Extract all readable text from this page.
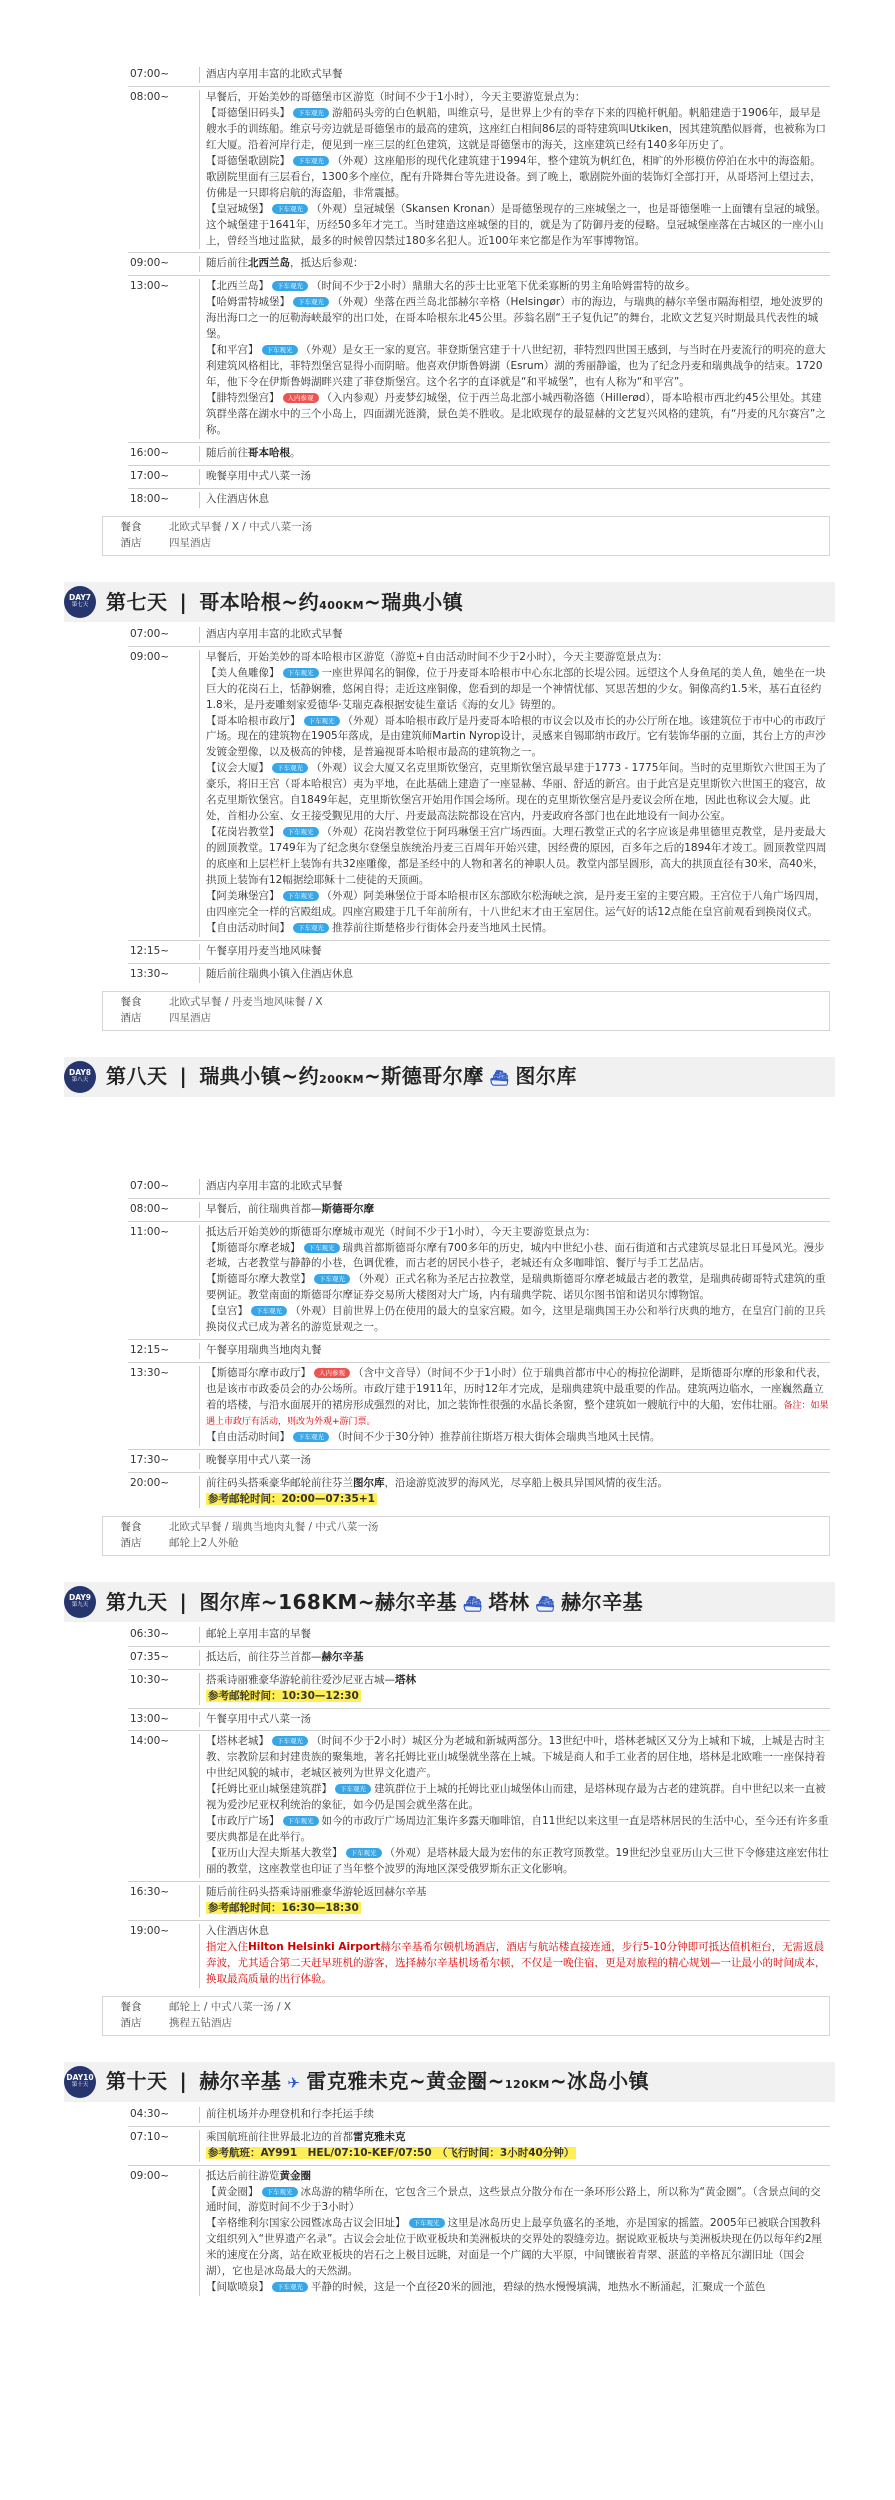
07:00~	酒店内享用丰富的北欧式早餐
08:00~	早餐后，开始美妙的哥德堡市区游览（时间不少于1小时），今天主要游览景点为：
【哥德堡旧码头】 下车观光 游船码头旁的白色帆船，叫维京号，是世界上少有的幸存下来的四桅杆帆船。帆船建造于1906年，最早是艘水手的训练船。维京号旁边就是哥德堡市的最高的建筑，这座红白相间86层的哥特建筑叫Utkiken，因其建筑酷似唇膏，也被称为口红大厦。沿着河岸行走，便见到一座三层的红色建筑，这就是哥德堡市的海关，这座建筑已经有140多年历史了。
【哥德堡歌剧院】 下车观光 （外观）这座船形的现代化建筑建于1994年，整个建筑为帆红色，相旷的外形模仿停泊在水中的海盗船。歌剧院里面有三层看台，1300多个座位，配有升降舞台等先进设备。到了晚上，歌剧院外面的装饰灯全部打开，从哥塔河上望过去，仿佛是一只即将启航的海盗船，非常震撼。
【皇冠城堡】 下车观光 （外观）皇冠城堡（Skansen Kronan）是哥德堡现存的三座城堡之一，也是哥德堡唯一上面镶有皇冠的城堡。这个城堡建于1641年，历经50多年才完工。当时建造这座城堡的目的，就是为了防御丹麦的侵略。皇冠城堡座落在古城区的一座小山上，曾经当地过监狱，最多的时候曾囚禁过180多名犯人。近100年来它都是作为军事博物馆。
09:00~	随后前往北西兰岛，抵达后参观：
13:00~	【北西兰岛】 下车观光 （时间不少于2小时）鼎鼎大名的莎士比亚笔下优柔寡断的男主角哈姆雷特的故乡。
【哈姆雷特城堡】 下车观光 （外观）坐落在西兰岛北部赫尔辛格（Helsingør）市的海边，与瑞典的赫尔辛堡市隔海相望，地处波罗的海出海口之一的厄勒海峡最窄的出口处，在哥本哈根东北45公里。莎翁名剧“王子复仇记”的舞台，北欧文艺复兴时期最具代表性的城堡。
【和平宫】 下车观光 （外观）是女王一家的夏宫。菲登斯堡宫建于十八世纪初，菲特烈四世国王感到，与当时在丹麦流行的明亮的意大利建筑风格相比，菲特烈堡宫显得小而阴暗。他喜欢伊斯鲁姆湖（Esrum）湖的秀丽静谧，也为了纪念丹麦和瑞典战争的结束。1720年，他下令在伊斯鲁姆湖畔兴建了菲登斯堡宫。这个名字的直译就是“和平城堡”，也有人称为“和平宫”。
【腓特烈堡宫】 入内参观 （入内参观）丹麦梦幻城堡，位于西兰岛北部小城西勒洛德（Hillerød），哥本哈根市西北约45公里处。其建筑群坐落在湖水中的三个小岛上，四面湖光涟漪，景色美不胜收。是北欧现存的最显赫的文艺复兴风格的建筑，有“丹麦的凡尔赛宫”之称。
16:00~	随后前往哥本哈根。
17:00~	晚餐享用中式八菜一汤
18:00~	入住酒店休息
餐食	北欧式早餐 / X / 中式八菜一汤
酒店	四星酒店
DAY7
第七天 第七天 | 哥本哈根~约400KM~瑞典小镇
07:00~	酒店内享用丰富的北欧式早餐
09:00~	早餐后，开始美妙的哥本哈根市区游览（游览+自由活动时间不少于2小时），今天主要游览景点为：
【美人鱼雕像】 下车观光 一座世界闻名的铜像，位于丹麦哥本哈根市中心东北部的长堤公园。远望这个人身鱼尾的美人鱼，她坐在一块巨大的花岗石上，恬静娴雅，悠闲自得；走近这座铜像，您看到的却是一个神情忧郁、冥思苦想的少女。铜像高约1.5米，基石直径约1.8米，是丹麦雕刻家爱德华·艾瑞克森根据安徒生童话《海的女儿》铸塑的。
【哥本哈根市政厅】 下车观光 （外观）哥本哈根市政厅是丹麦哥本哈根的市议会以及市长的办公厅所在地。该建筑位于市中心的市政厅广场。现在的建筑物在1905年落成，是由建筑师Martin Nyrop设计，灵感来自锡耶纳市政厅。它有装饰华丽的立面，其台上方的声沙发镀金塑像，以及极高的钟楼，是普遍视哥本哈根市最高的建筑物之一。
【议会大厦】 下车观光 （外观）议会大厦又名克里斯钦堡宫，克里斯钦堡宫最早建于1773 - 1775年间。当时的克里斯钦六世国王为了豪乐，将旧王宫（哥本哈根宫）夷为平地，在此基础上建造了一座显赫、华丽、舒适的新宫。由于此宫是克里斯钦六世国王的寝宫，故名克里斯钦堡宫。自1849年起，克里斯钦堡宫开始用作国会场所。现在的克里斯钦堡宫是丹麦议会所在地，因此也称议会大厦。此处，首相办公室、女王接受觐见用的大厅、丹麦最高法院都设在宫内，丹麦政府各部门也在此地设有一间办公室。
【花岗岩教堂】 下车观光 （外观）花岗岩教堂位于阿玛琳堡王宫广场西面。大理石教堂正式的名字应该是弗里德里克教堂，是丹麦最大的圆顶教堂。1749年为了纪念奥尔登堡皇族统治丹麦三百周年开始兴建，因经费的原因，百多年之后的1894年才竣工。圆顶教堂四周的底座和上层栏杆上装饰有共32座雕像，都是圣经中的人物和著名的神职人员。教堂内部呈圆形，高大的拱顶直径有30米，高40米，拱顶上装饰有12幅据绘耶稣十二使徒的天顶画。
【阿美琳堡宫】 下车观光 （外观）阿美琳堡位于哥本哈根市区东部欧尔松海峡之滨，是丹麦王室的主要宫殿。王宫位于八角广场四周，由四座完全一样的宫殿组成。四座宫殿建于几千年前所有，十八世纪末才由王室居住。运气好的话12点能在皇宫前观看到换岗仪式。
【自由活动时间】 下车观光 推荐前往斯楚格步行街体会丹麦当地风土民情。
12:15~	午餐享用丹麦当地风味餐
13:30~	随后前往瑞典小镇入住酒店休息
餐食	北欧式早餐 / 丹麦当地风味餐 / X
酒店	四星酒店
DAY8
第八天 第八天 | 瑞典小镇~约200KM~斯德哥尔摩 ⛴ 图尔库
07:00~	酒店内享用丰富的北欧式早餐
08:00~	早餐后，前往瑞典首都—斯德哥尔摩
11:00~	抵达后开始美妙的斯德哥尔摩城市观光（时间不少于1小时），今天主要游览景点为：
【斯德哥尔摩老城】 下车观光 瑞典首都斯德哥尔摩有700多年的历史，城内中世纪小巷、面石街道和古式建筑尽显北日耳曼风光。漫步老城，古老教堂与静静的小巷，色调优雅，而古老的居民小巷子，老城还有众多咖啡馆、餐厅与手工艺品店。
【斯德哥尔摩大教堂】 下车观光 （外观）正式名称为圣尼古拉教堂，是瑞典斯德哥尔摩老城最古老的教堂，是瑞典砖砌哥特式建筑的重要例证。教堂南面的斯德哥尔摩证券交易所大楼图对大广场，内有瑞典学院、诺贝尔图书馆和诺贝尔博物馆。
【皇宫】 下车观光 （外观）目前世界上仍在使用的最大的皇家宫殿。如今，这里是瑞典国王办公和举行庆典的地方，在皇宫门前的卫兵换岗仪式已成为著名的游览景观之一。
12:15~	午餐享用瑞典当地肉丸餐
13:30~	【斯德哥尔摩市政厅】 入内参观 （含中文音导）（时间不少于1小时）位于瑞典首都市中心的梅拉伦湖畔，是斯德哥尔摩的形象和代表，也是该市市政委员会的办公场所。市政厅建于1911年，历时12年才完成，是瑞典建筑中最重要的作品。建筑两边临水，一座巍然矗立着的塔楼，与沿水面展开的裙房形成强烈的对比，加之装饰性很强的水晶长条窗，整个建筑如一艘航行中的大船，宏伟壮丽。备注：如果遇上市政厅有活动，则改为外观+游门票。
【自由活动时间】 下车观光 （时间不少于30分钟）推荐前往斯塔万根大街体会瑞典当地风土民情。
17:30~	晚餐享用中式八菜一汤
20:00~	前往码头搭乘豪华邮轮前往芬兰图尔库，沿途游览波罗的海风光，尽享船上极具异国风情的夜生活。
参考邮轮时间：20:00—07:35+1
餐食	北欧式早餐 / 瑞典当地肉丸餐 / 中式八菜一汤
酒店	邮轮上2人外舱
DAY9
第九天 第九天 | 图尔库~168KM~赫尔辛基 ⛴ 塔林 ⛴ 赫尔辛基
06:30~	邮轮上享用丰富的早餐
07:35~	抵达后，前往芬兰首都—赫尔辛基
10:30~	搭乘诗丽雅豪华游轮前往爱沙尼亚古城—塔林
参考邮轮时间：10:30—12:30
13:00~	午餐享用中式八菜一汤
14:00~	【塔林老城】 下车观光 （时间不少于2小时）城区分为老城和新城两部分。13世纪中叶，塔林老城区又分为上城和下城，上城是古时主教、宗教阶层和封建贵族的聚集地，著名托姆比亚山城堡就坐落在上城。下城是商人和手工业者的居住地，塔林是北欧唯一一座保持着中世纪风貌的城市，老城区被列为世界文化遗产。
【托姆比亚山城堡建筑群】 下车观光 建筑群位于上城的托姆比亚山城堡体山而建，是塔林现存最为古老的建筑群。自中世纪以来一直被视为爱沙尼亚权利统治的象征，如今仍是国会就坐落在此。
【市政厅广场】 下车观光 如今的市政厅广场周边汇集许多露天咖啡馆，自11世纪以来这里一直是塔林居民的生活中心，至今还有许多重要庆典都是在此举行。
【亚历山大涅夫斯基大教堂】 下车观光 （外观）是塔林最大最为宏伟的东正教穹顶教堂。19世纪沙皇亚历山大三世下令修建这座宏伟壮丽的教堂，这座教堂也印证了当年整个波罗的海地区深受俄罗斯东正文化影响。
16:30~	随后前往码头搭乘诗丽雅豪华游轮返回赫尔辛基
参考邮轮时间：16:30—18:30
19:00~	入住酒店休息
指定入住Hilton Helsinki Airport赫尔辛基希尔顿机场酒店，酒店与航站楼直接连通，步行5-10分钟即可抵达值机柜台，无需返晨奔波，尤其适合第二天赶早班机的游客，选择赫尔辛基机场希尔顿，不仅是一晚住宿，更是对旅程的精心规划—一让最小的时间成本，换取最高质量的出行体验。
餐食	邮轮上 / 中式八菜一汤 / X
酒店	携程五钻酒店
DAY10
第十天 第十天 | 赫尔辛基 ✈ 雷克雅未克~黄金圈~120KM~冰岛小镇
04:30~	前往机场并办理登机和行李托运手续
07:10~	乘国航班前往世界最北边的首都雷克雅未克
参考航班：AY991　HEL/07:10-KEF/07:50　（飞行时间：3小时40分钟）
09:00~	抵达后前往游览黄金圈
【黄金圈】 下车观光 冰岛游的精华所在，它包含三个景点，这些景点分散分布在一条环形公路上，所以称为“黄金圈”。（含景点间的交通时间，游览时间不少于3小时）
【辛格维利尔国家公园暨冰岛古议会旧址】 下车观光 这里是冰岛历史上最享负盛名的圣地，亦是国家的摇篮。2005年已被联合国教科文组织列入“世界遗产名录”。古议会会址位于欧亚板块和美洲板块的交界处的裂缝旁边。据说欧亚板块与美洲板块现在仍以每年约2厘米的速度在分离，站在欧亚板块的岩石之上极目远眺，对面是一个广阔的大平原，中间镶嵌着青翠、湛蓝的辛格瓦尔湖旧址（国会湖），它也是冰岛最大的天然湖。
【间歇喷泉】 下车观光 平静的时候，这是一个直径20米的圆池，碧绿的热水慢慢填满，地热水不断涌起，汇聚成一个蓝色
